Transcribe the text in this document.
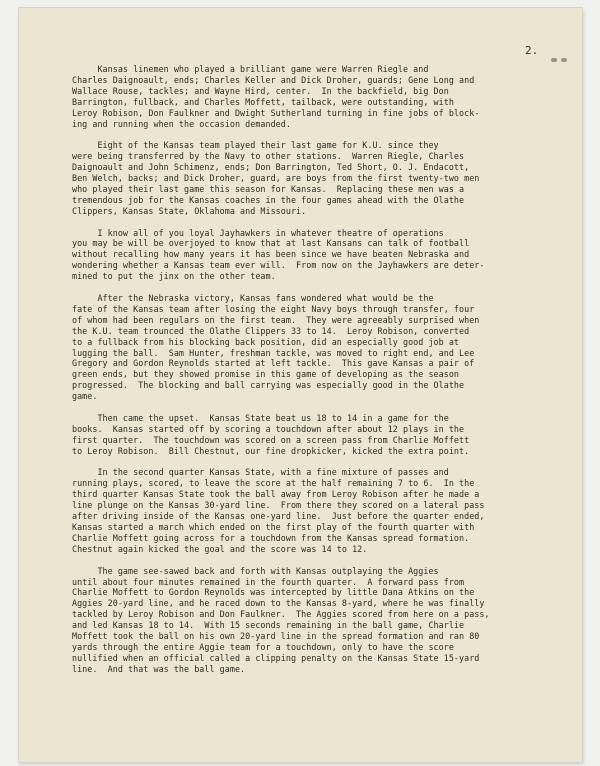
2.

Kansas linemen who played a brilliant game were Warren Riegle and
Charles Daignoault, ends; Charles Keller and Dick Droher, guards; Gene Long and
Wallace Rouse, tackles; and Wayne Hird, center.  In the backfield, big Don
Barrington, fullback, and Charles Moffett, tailback, were outstanding, with
Leroy Robison, Don Faulkner and Dwight Sutherland turning in fine jobs of block-
ing and running when the occasion demanded.

Eight of the Kansas team played their last game for K.U. since they
were being transferred by the Navy to other stations.  Warren Riegle, Charles
Daignoault and John Schimenz, ends; Don Barrington, Ted Short, O. J. Endacott,
Ben Welch, backs; and Dick Droher, guard, are boys from the first twenty-two men
who played their last game this season for Kansas.  Replacing these men was a
tremendous job for the Kansas coaches in the four games ahead with the Olathe
Clippers, Kansas State, Oklahoma and Missouri.

I know all of you loyal Jayhawkers in whatever theatre of operations
you may be will be overjoyed to know that at last Kansans can talk of football
without recalling how many years it has been since we have beaten Nebraska and
wondering whether a Kansas team ever will.  From now on the Jayhawkers are deter-
mined to put the jinx on the other team.

After the Nebraska victory, Kansas fans wondered what would be the
fate of the Kansas team after losing the eight Navy boys through transfer, four
of whom had been regulars on the first team.  They were agreeably surprised when
the K.U. team trounced the Olathe Clippers 33 to 14.  Leroy Robison, converted
to a fullback from his blocking back position, did an especially good job at
lugging the ball.  Sam Hunter, freshman tackle, was moved to right end, and Lee
Gregory and Gordon Reynolds started at left tackle.  This gave Kansas a pair of
green ends, but they showed promise in this game of developing as the season
progressed.  The blocking and ball carrying was especially good in the Olathe
game.

Then came the upset.  Kansas State beat us 18 to 14 in a game for the
books.  Kansas started off by scoring a touchdown after about 12 plays in the
first quarter.  The touchdown was scored on a screen pass from Charlie Moffett
to Leroy Robison.  Bill Chestnut, our fine dropkicker, kicked the extra point.

In the second quarter Kansas State, with a fine mixture of passes and
running plays, scored, to leave the score at the half remaining 7 to 6.  In the
third quarter Kansas State took the ball away from Leroy Robison after he made a
line plunge on the Kansas 30-yard line.  From there they scored on a lateral pass
after driving inside of the Kansas one-yard line.  Just before the quarter ended,
Kansas started a march which ended on the first play of the fourth quarter with
Charlie Moffett going across for a touchdown from the Kansas spread formation.
Chestnut again kicked the goal and the score was 14 to 12.

The game see-sawed back and forth with Kansas outplaying the Aggies
until about four minutes remained in the fourth quarter.  A forward pass from
Charlie Moffett to Gordon Reynolds was intercepted by little Dana Atkins on the
Aggies 20-yard line, and he raced down to the Kansas 8-yard, where he was finally
tackled by Leroy Robison and Don Faulkner.  The Aggies scored from here on a pass,
and led Kansas 18 to 14.  With 15 seconds remaining in the ball game, Charlie
Moffett took the ball on his own 20-yard line in the spread formation and ran 80
yards through the entire Aggie team for a touchdown, only to have the score
nullified when an official called a clipping penalty on the Kansas State 15-yard
line.  And that was the ball game.
